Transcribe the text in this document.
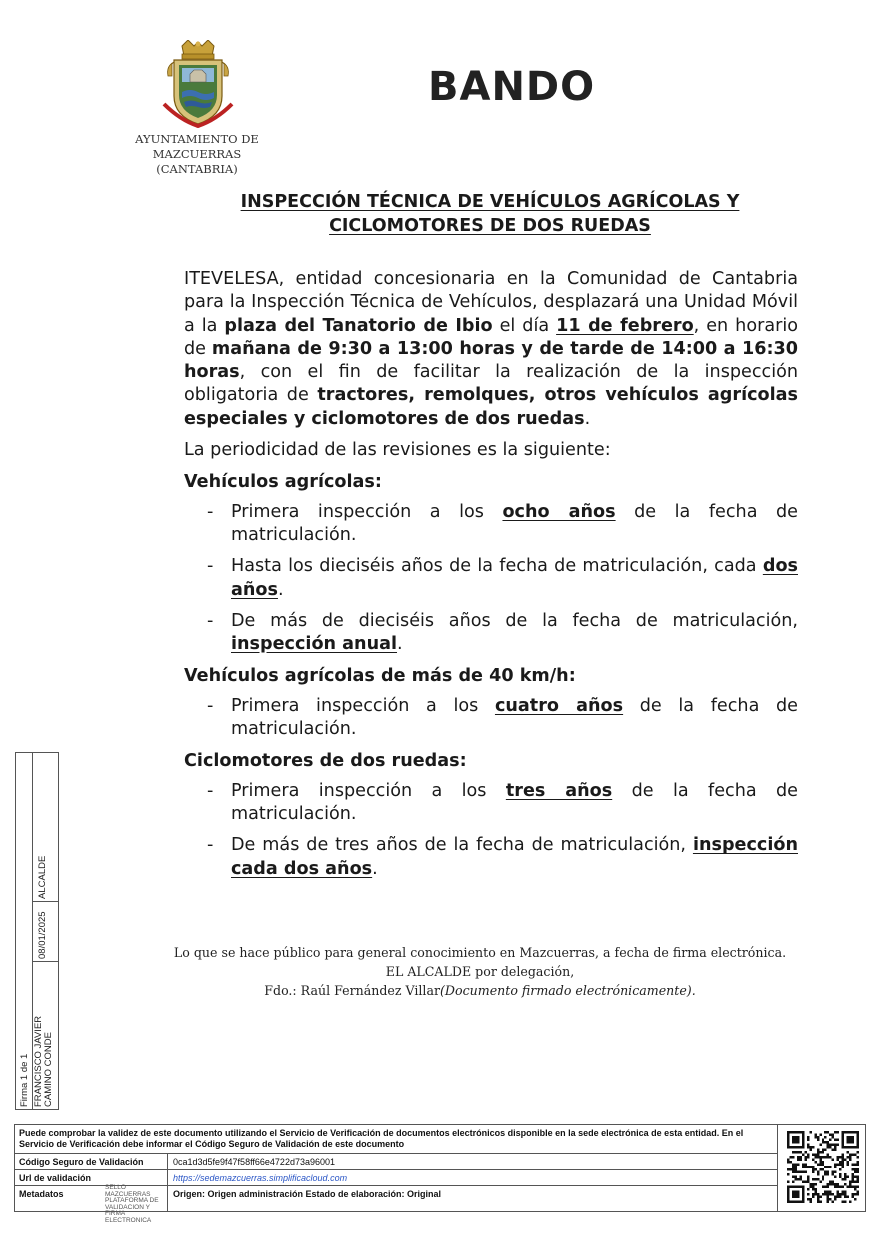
AYUNTAMIENTO DE
MAZCUERRAS
(CANTABRIA)
BANDO
INSPECCIÓN TÉCNICA DE VEHÍCULOS AGRÍCOLAS Y
CICLOMOTORES DE DOS RUEDAS

ITEVELESA, entidad concesionaria en la Comunidad de Cantabria para la Inspección Técnica de Vehículos, desplazará una Unidad Móvil a la plaza del Tanatorio de Ibio el día 11 de febrero, en horario de mañana de 9:30 a 13:00 horas y de tarde de 14:00 a 16:30 horas, con el fin de facilitar la realización de la inspección obligatoria de tractores, remolques, otros vehículos agrícolas especiales y ciclomotores de dos ruedas.

La periodicidad de las revisiones es la siguiente:

Vehículos agrícolas:

- Primera inspección a los ocho años de la fecha de matriculación.
- Hasta los dieciséis años de la fecha de matriculación, cada dos años.
- De más de dieciséis años de la fecha de matriculación, inspección anual.

Vehículos agrícolas de más de 40 km/h:

- Primera inspección a los cuatro años de la fecha de matriculación.

Ciclomotores de dos ruedas:

- Primera inspección a los tres años de la fecha de matriculación.
- De más de tres años de la fecha de matriculación, inspección cada dos años.
Lo que se hace público para general conocimiento en Mazcuerras, a fecha de firma electrónica.
EL ALCALDE por delegación,
Fdo.: Raúl Fernández Villar(Documento firmado electrónicamente).
Firma 1 de 1 FRANCISCO JAVIER CAMINO CONDE
08/01/2025
ALCALDE
Puede comprobar la validez de este documento utilizando el Servicio de Verificación de documentos electrónicos disponible en la sede electrónica de esta entidad. En el Servicio de Verificación debe informar el Código Seguro de Validación de este documento
Código Seguro de Validación	0ca1d3d5fe9f47f58ff66e4722d73a96001
Url de validación	https://sedemazcuerras.simplificacloud.com
Metadatos
SELLO MAZCUERRAS PLATAFORMA DE VALIDACION Y FIRMA ELECTRONICA
Origen: Origen administración Estado de elaboración: Original
